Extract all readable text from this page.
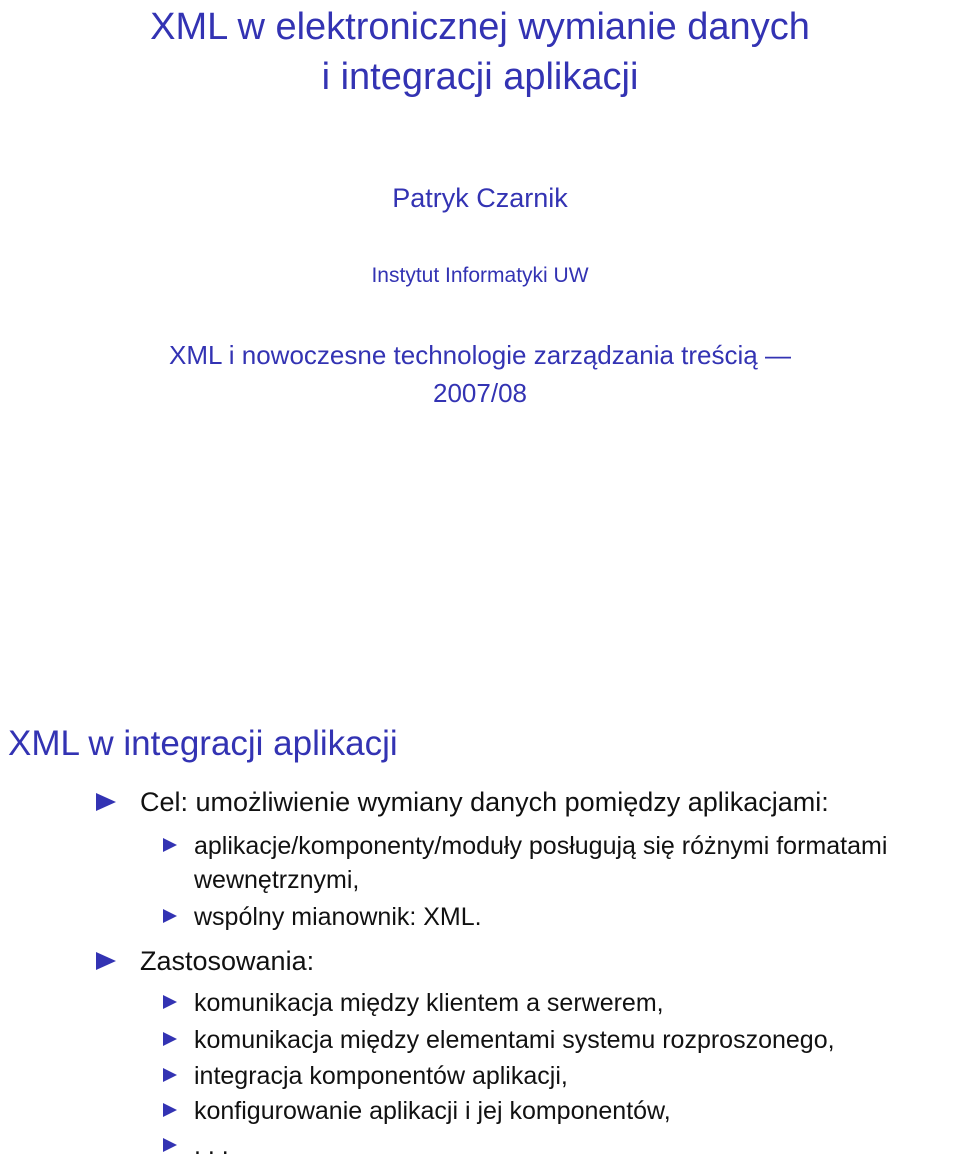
XML w elektronicznej wymianie danych
i integracji aplikacji
Patryk Czarnik
Instytut Informatyki UW
XML i nowoczesne technologie zarządzania treścią —
2007/08
XML w integracji aplikacji
Cel: umożliwienie wymiany danych pomiędzy aplikacjami:
aplikacje/komponenty/moduły posługują się różnymi formatami wewnętrznymi,
wspólny mianownik: XML.
Zastosowania:
komunikacja między klientem a serwerem,
komunikacja między elementami systemu rozproszonego,
integracja komponentów aplikacji,
konfigurowanie aplikacji i jej komponentów,
. . .
